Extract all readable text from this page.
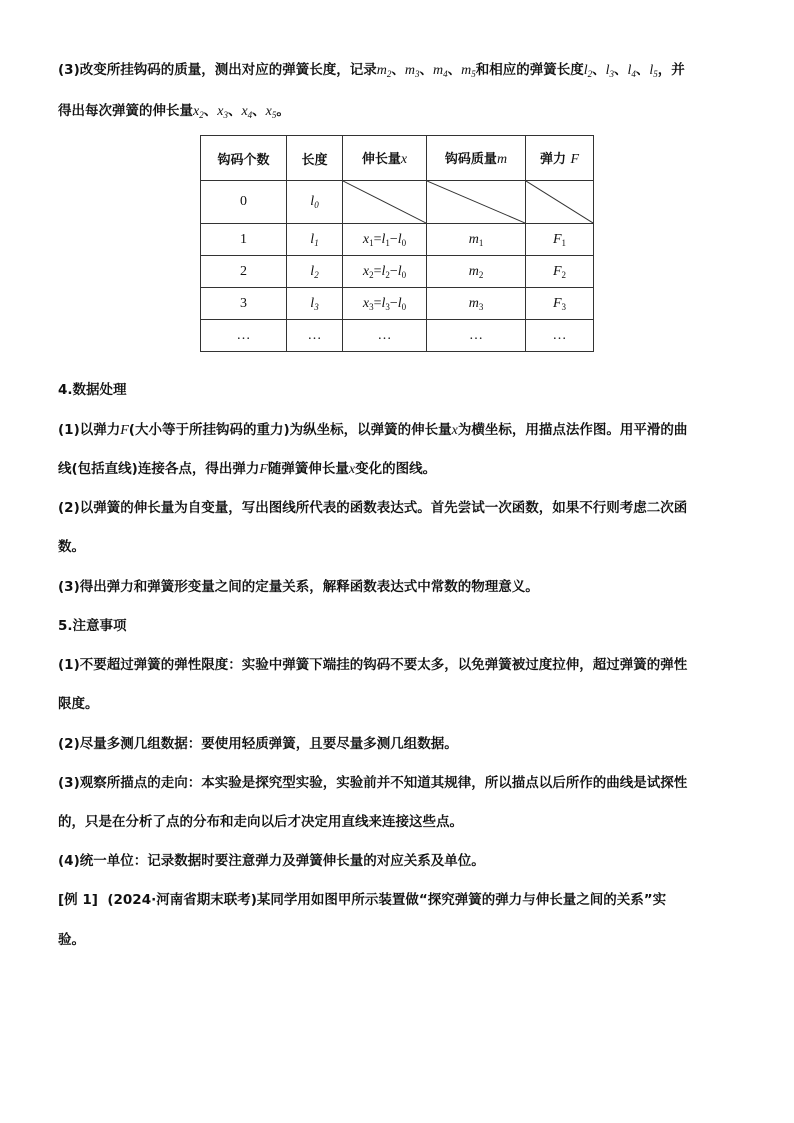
(3)改变所挂钩码的质量，测出对应的弹簧长度，记录$m_2$、$m_3$、$m_4$、$m_5$和相应的弹簧长度$l_2$、$l_3$、$l_4$、$l_5$，并
得出每次弹簧的伸长量$x_2$、$x_3$、$x_4$、$x_5$。
钩码个数	长度	伸长量x	钩码质量m	弹力 F
0	$l_0$	

1	$l_1$	$x_1=l_1-l_0$	$m_1$	$F_1$
2	$l_2$	$x_2=l_2-l_0$	$m_2$	$F_2$
3	$l_3$	$x_3=l_3-l_0$	$m_3$	$F_3$
…	…	…	…	…
4.数据处理
(1)以弹力F(大小等于所挂钩码的重力)为纵坐标，以弹簧的伸长量x为横坐标，用描点法作图。用平滑的曲
线(包括直线)连接各点，得出弹力F随弹簧伸长量x变化的图线。
(2)以弹簧的伸长量为自变量，写出图线所代表的函数表达式。首先尝试一次函数，如果不行则考虑二次函
数。
(3)得出弹力和弹簧形变量之间的定量关系，解释函数表达式中常数的物理意义。
5.注意事项
(1)不要超过弹簧的弹性限度：实验中弹簧下端挂的钩码不要太多，以免弹簧被过度拉伸，超过弹簧的弹性
限度。
(2)尽量多测几组数据：要使用轻质弹簧，且要尽量多测几组数据。
(3)观察所描点的走向：本实验是探究型实验，实验前并不知道其规律，所以描点以后所作的曲线是试探性
的，只是在分析了点的分布和走向以后才决定用直线来连接这些点。
(4)统一单位：记录数据时要注意弹力及弹簧伸长量的对应关系及单位。
[例 1] (2024·河南省期末联考)某同学用如图甲所示装置做“探究弹簧的弹力与伸长量之间的关系”实
验。
